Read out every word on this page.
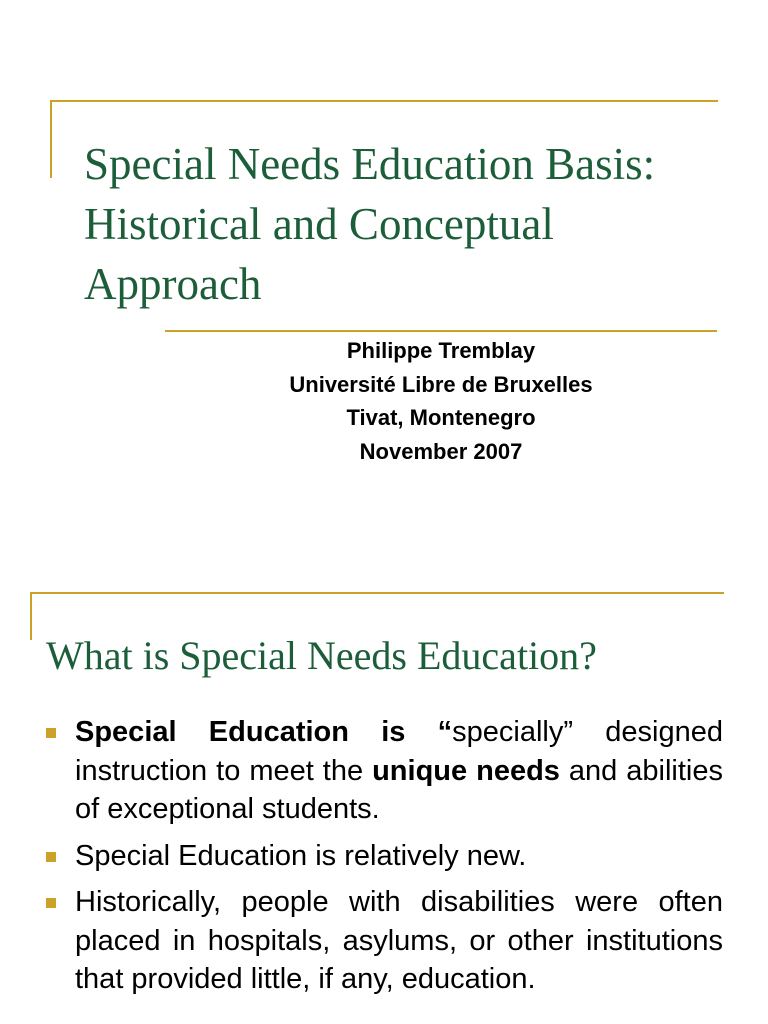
Special Needs Education Basis:
Historical and Conceptual
Approach
Philippe Tremblay
Université Libre de Bruxelles
Tivat, Montenegro
November 2007
What is Special Needs Education?
Special Education is “specially” designed instruction to meet the unique needs and abilities of exceptional students.
Special Education is relatively new.
Historically, people with disabilities were often placed in hospitals, asylums, or other institutions that provided little, if any, education.
